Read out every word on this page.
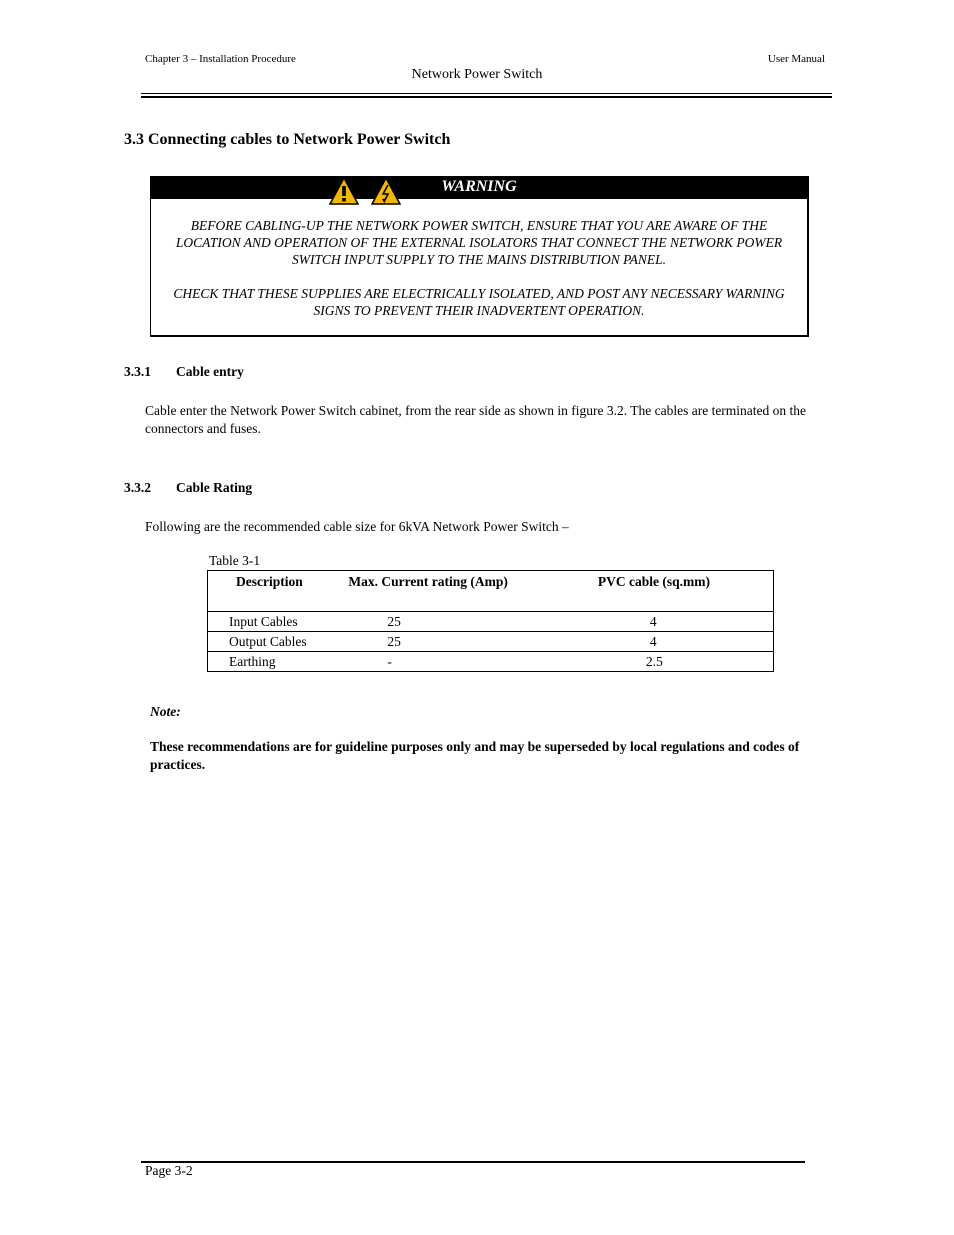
Chapter 3 – Installation Procedure	User Manual
Network Power Switch
3.3 Connecting cables to Network Power Switch
WARNING
BEFORE CABLING-UP THE NETWORK POWER SWITCH, ENSURE THAT YOU ARE AWARE OF THE LOCATION AND OPERATION OF THE EXTERNAL ISOLATORS THAT CONNECT THE NETWORK POWER SWITCH INPUT SUPPLY TO THE MAINS DISTRIBUTION PANEL.
CHECK THAT THESE SUPPLIES ARE ELECTRICALLY ISOLATED, AND POST ANY NECESSARY WARNING SIGNS TO PREVENT THEIR INADVERTENT OPERATION.
3.3.1 Cable entry
Cable enter the Network Power Switch cabinet, from the rear side as shown in figure 3.2. The cables are terminated on the connectors and fuses.
3.3.2 Cable Rating
Following are the recommended cable size for 6kVA Network Power Switch –
Table 3-1
Description	Max. Current rating (Amp)	PVC cable (sq.mm)
Input Cables	25	4
Output Cables	25	4
Earthing	-	2.5
Note:
These recommendations are for guideline purposes only and may be superseded by local regulations and codes of practices.
Page 3-2
